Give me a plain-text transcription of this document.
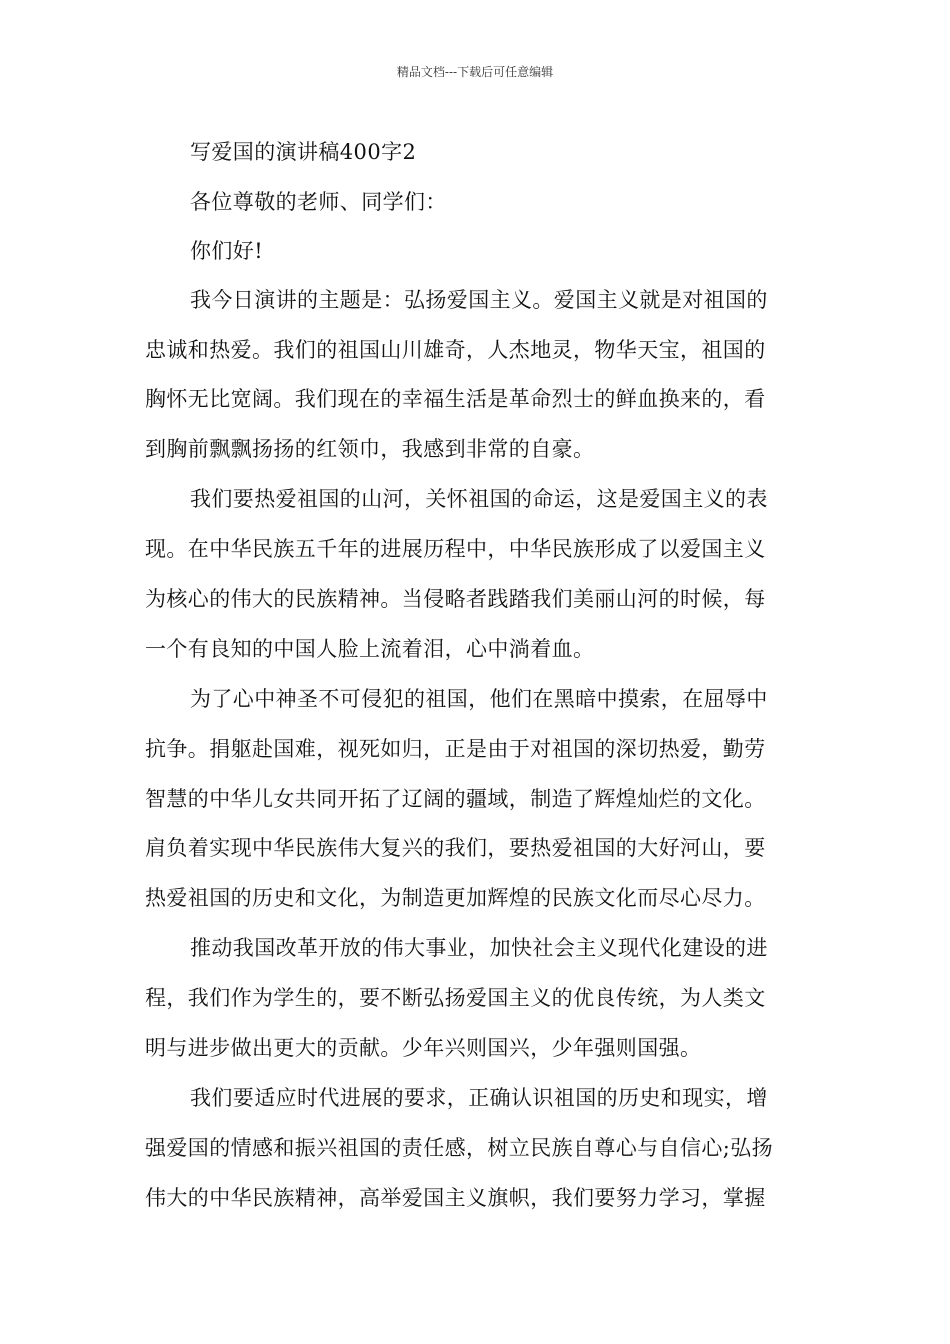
精品文档---下载后可任意编辑
写爱国的演讲稿400字2
各位尊敬的老师、同学们：
你们好!
我今日演讲的主题是：弘扬爱国主义。爱国主义就是对祖国的
忠诚和热爱。我们的祖国山川雄奇，人杰地灵，物华天宝，祖国的
胸怀无比宽阔。我们现在的幸福生活是革命烈士的鲜血换来的，看
到胸前飘飘扬扬的红领巾，我感到非常的自豪。
我们要热爱祖国的山河，关怀祖国的命运，这是爱国主义的表
现。在中华民族五千年的进展历程中，中华民族形成了以爱国主义
为核心的伟大的民族精神。当侵略者践踏我们美丽山河的时候，每
一个有良知的中国人脸上流着泪，心中淌着血。
为了心中神圣不可侵犯的祖国，他们在黑暗中摸索，在屈辱中
抗争。捐躯赴国难，视死如归，正是由于对祖国的深切热爱，勤劳
智慧的中华儿女共同开拓了辽阔的疆域，制造了辉煌灿烂的文化。
肩负着实现中华民族伟大复兴的我们，要热爱祖国的大好河山，要
热爱祖国的历史和文化，为制造更加辉煌的民族文化而尽心尽力。
推动我国改革开放的伟大事业，加快社会主义现代化建设的进
程，我们作为学生的，要不断弘扬爱国主义的优良传统，为人类文
明与进步做出更大的贡献。少年兴则国兴，少年强则国强。
我们要适应时代进展的要求，正确认识祖国的历史和现实，增
强爱国的情感和振兴祖国的责任感，树立民族自尊心与自信心;弘扬
伟大的中华民族精神，高举爱国主义旗帜，我们要努力学习，掌握
